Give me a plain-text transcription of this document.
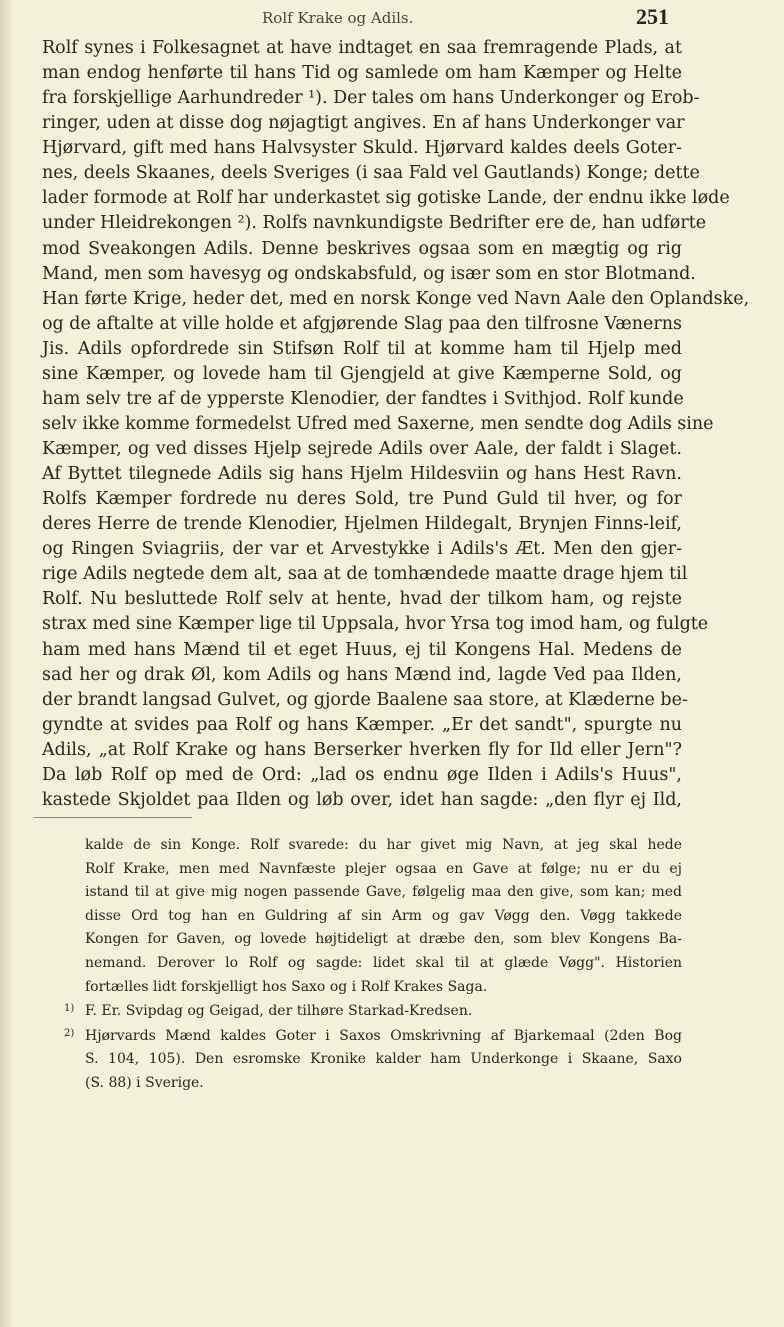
Rolf Krake og Adils.	251
Rolf synes i Folkesagnet at have indtaget en saa fremragende Plads, at
man endog henførte til hans Tid og samlede om ham Kæmper og Helte
fra forskjellige Aarhundreder ¹). Der tales om hans Underkonger og Erob-
ringer, uden at disse dog nøjagtigt angives. En af hans Underkonger var
Hjørvard, gift med hans Halvsyster Skuld. Hjørvard kaldes deels Goter-
nes, deels Skaanes, deels Sveriges (i saa Fald vel Gautlands) Konge; dette
lader formode at Rolf har underkastet sig gotiske Lande, der endnu ikke løde
under Hleidrekongen ²). Rolfs navnkundigste Bedrifter ere de, han udførte
mod Sveakongen Adils. Denne beskrives ogsaa som en mægtig og rig
Mand, men som havesyg og ondskabsfuld, og især som en stor Blotmand.
Han førte Krige, heder det, med en norsk Konge ved Navn Aale den Oplandske,
og de aftalte at ville holde et afgjørende Slag paa den tilfrosne Vænerns
Jis. Adils opfordrede sin Stifsøn Rolf til at komme ham til Hjelp med
sine Kæmper, og lovede ham til Gjengjeld at give Kæmperne Sold, og
ham selv tre af de ypperste Klenodier, der fandtes i Svithjod. Rolf kunde
selv ikke komme formedelst Ufred med Saxerne, men sendte dog Adils sine
Kæmper, og ved disses Hjelp sejrede Adils over Aale, der faldt i Slaget.
Af Byttet tilegnede Adils sig hans Hjelm Hildesviin og hans Hest Ravn.
Rolfs Kæmper fordrede nu deres Sold, tre Pund Guld til hver, og for
deres Herre de trende Klenodier, Hjelmen Hildegalt, Brynjen Finns-leif,
og Ringen Sviagriis, der var et Arvestykke i Adils's Æt. Men den gjer-
rige Adils negtede dem alt, saa at de tomhændede maatte drage hjem til
Rolf. Nu besluttede Rolf selv at hente, hvad der tilkom ham, og rejste
strax med sine Kæmper lige til Uppsala, hvor Yrsa tog imod ham, og fulgte
ham med hans Mænd til et eget Huus, ej til Kongens Hal. Medens de
sad her og drak Øl, kom Adils og hans Mænd ind, lagde Ved paa Ilden,
der brandt langsad Gulvet, og gjorde Baalene saa store, at Klæderne be-
gyndte at svides paa Rolf og hans Kæmper. „Er det sandt", spurgte nu
Adils, „at Rolf Krake og hans Berserker hverken fly for Ild eller Jern"?
Da løb Rolf op med de Ord: „lad os endnu øge Ilden i Adils's Huus",
kastede Skjoldet paa Ilden og løb over, idet han sagde: „den flyr ej Ild,
kalde de sin Konge. Rolf svarede: du har givet mig Navn, at jeg skal hede
Rolf Krake, men med Navnfæste plejer ogsaa en Gave at følge; nu er du ej
istand til at give mig nogen passende Gave, følgelig maa den give, som kan; med
disse Ord tog han en Guldring af sin Arm og gav Vøgg den. Vøgg takkede
Kongen for Gaven, og lovede højtideligt at dræbe den, som blev Kongens Ba-
nemand. Derover lo Rolf og sagde: lidet skal til at glæde Vøgg". Historien
fortælles lidt forskjelligt hos Saxo og i Rolf Krakes Saga.
1) F. Er. Svipdag og Geigad, der tilhøre Starkad-Kredsen.
2) Hjørvards Mænd kaldes Goter i Saxos Omskrivning af Bjarkemaal (2den Bog
S. 104, 105). Den esromske Kronike kalder ham Underkonge i Skaane, Saxo
(S. 88) i Sverige.
